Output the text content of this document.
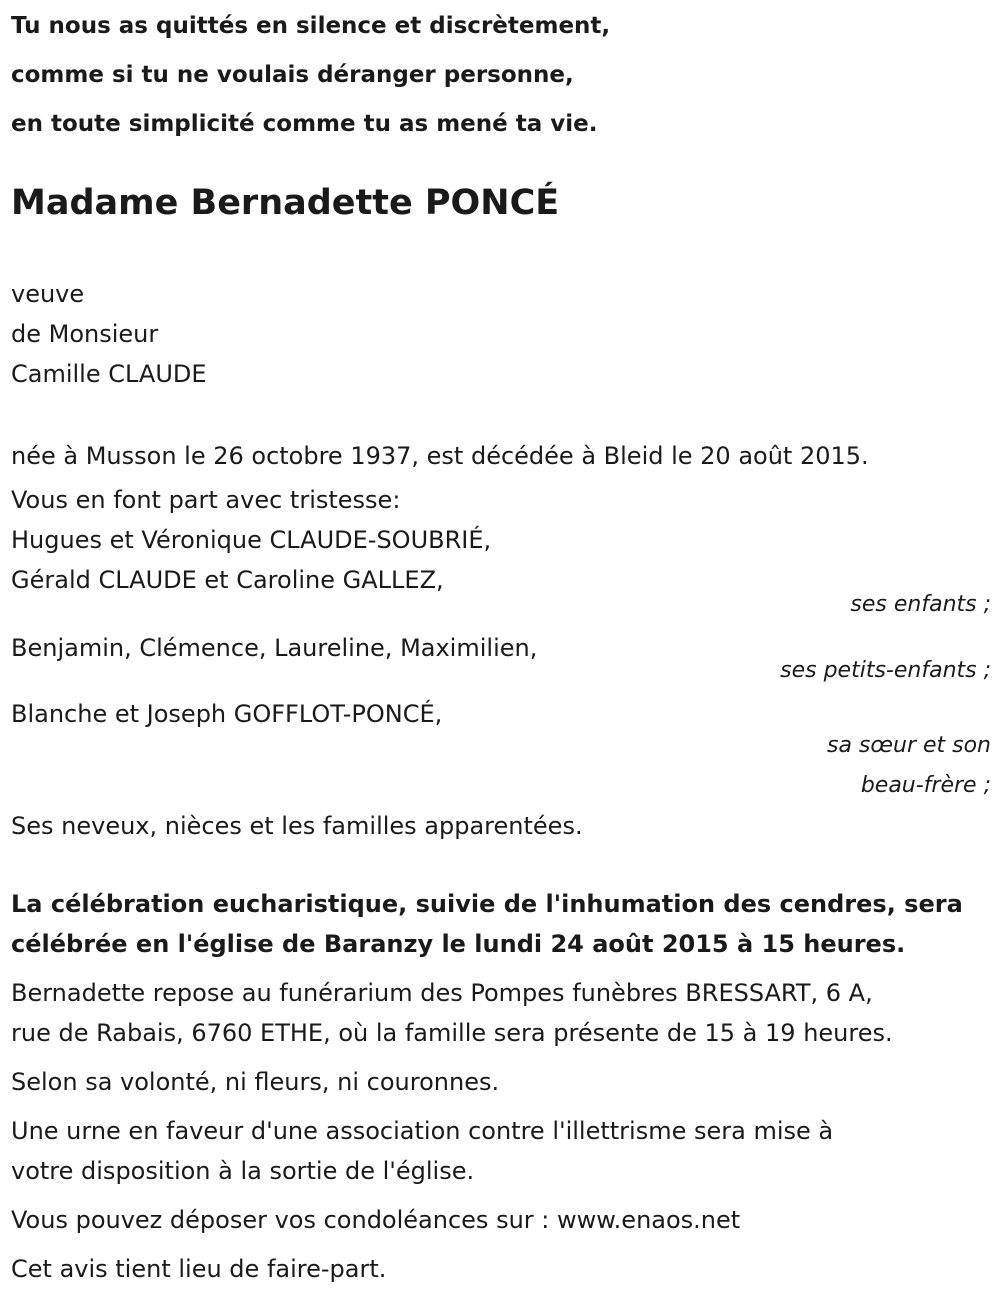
Tu nous as quittés en silence et discrètement,
comme si tu ne voulais déranger personne,
en toute simplicité comme tu as mené ta vie.
Madame Bernadette PONCÉ
veuve
de Monsieur
Camille CLAUDE
née à Musson le 26 octobre 1937, est décédée à Bleid le 20 août 2015.
Vous en font part avec tristesse:
Hugues et Véronique CLAUDE-SOUBRIÉ,
Gérald CLAUDE et Caroline GALLEZ,
ses enfants ;
Benjamin, Clémence, Laureline, Maximilien,
ses petits-enfants ;
Blanche et Joseph GOFFLOT-PONCÉ,
sa sœur et son
beau-frère ;
Ses neveux, nièces et les familles apparentées.
La célébration eucharistique, suivie de l'inhumation des cendres, sera
célébrée en l'église de Baranzy le lundi 24 août 2015 à 15 heures.
Bernadette repose au funérarium des Pompes funèbres BRESSART, 6 A,
rue de Rabais, 6760 ETHE, où la famille sera présente de 15 à 19 heures.
Selon sa volonté, ni fleurs, ni couronnes.
Une urne en faveur d'une association contre l'illettrisme sera mise à
votre disposition à la sortie de l'église.
Vous pouvez déposer vos condoléances sur : www.enaos.net
Cet avis tient lieu de faire-part.
